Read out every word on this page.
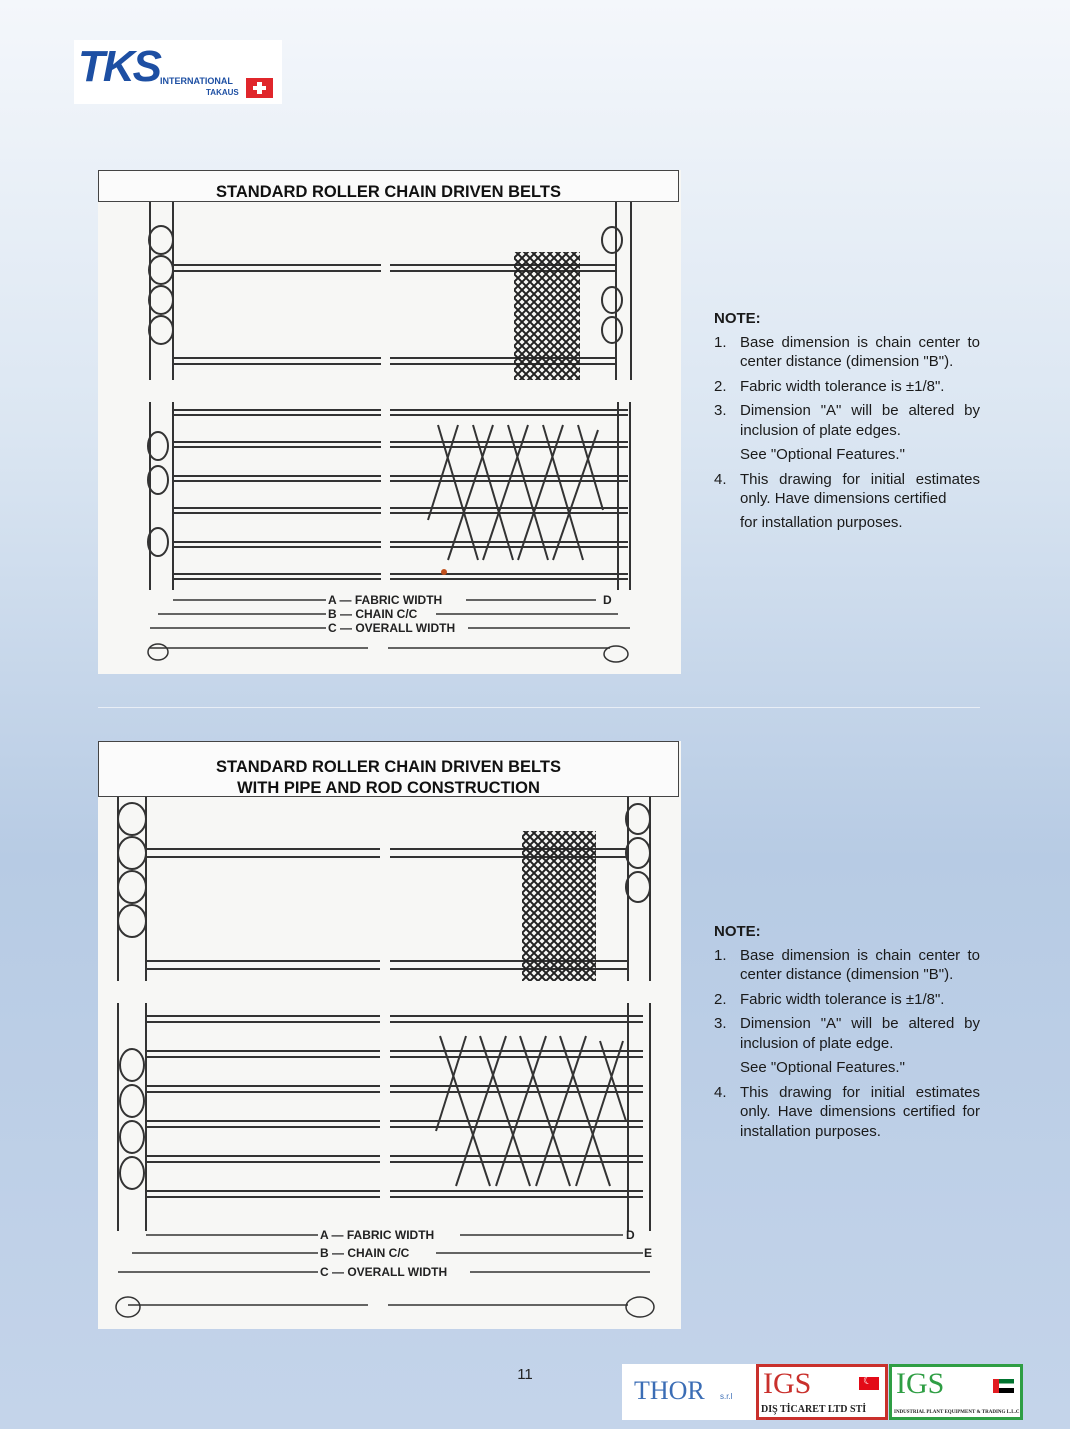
TKS INTERNATIONAL
TAKAUS
STANDARD ROLLER CHAIN DRIVEN BELTS
A — FABRIC WIDTH
B — CHAIN C/C
C — OVERALL WIDTH
D
NOTE:
1. Base dimension is chain center to center distance (dimension "B").
2. Fabric width tolerance is ±1/8".
3. Dimension "A" will be altered by inclusion of plate edges.
See "Optional Features."
4. This drawing for initial estimates only. Have dimensions certified
for installation purposes.
STANDARD ROLLER CHAIN DRIVEN BELTS
WITH PIPE AND ROD CONSTRUCTION
A — FABRIC WIDTH
B — CHAIN C/C
C — OVERALL WIDTH
D
E
NOTE:
1. Base dimension is chain center to center distance (dimension "B").
2. Fabric width tolerance is ±1/8".
3. Dimension "A" will be altered by inclusion of plate edge.
See "Optional Features."
4. This drawing for initial estimates only. Have dimensions certified for installation purposes.
11
THOR s.r.l IGS
☾
DIŞ TİCARET LTD STİ
IGS
INDUSTRIAL PLANT EQUIPMENT & TRADING L.L.C
